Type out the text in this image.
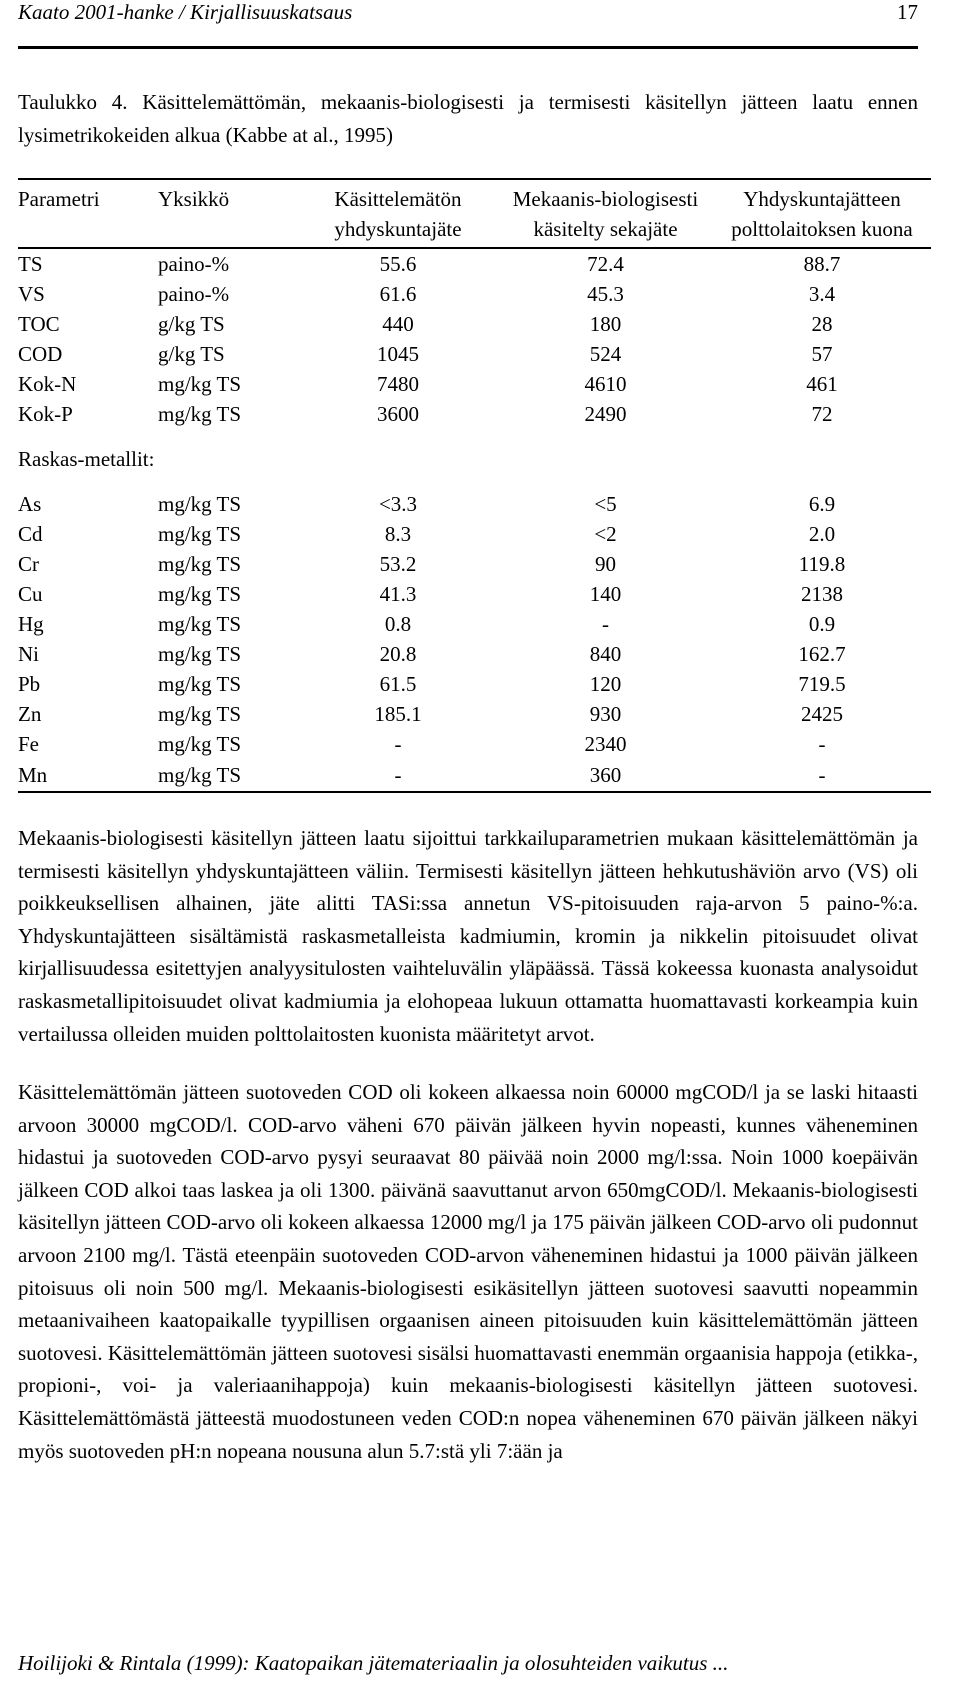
Kaato 2001-hanke / Kirjallisuuskatsaus	17

Taulukko 4. Käsittelemättömän, mekaanis-biologisesti ja termisesti käsitellyn jätteen laatu ennen lysimetrikokeiden alkua (Kabbe at al., 1995)

Parametri	Yksikkö	Käsittelemätön yhdyskuntajäte	Mekaanis-biologisesti käsitelty sekajäte	Yhdyskuntajätteen polttolaitoksen kuona
TS	paino-%	55.6	72.4	88.7
VS	paino-%	61.6	45.3	3.4
TOC	g/kg TS	440	180	28
COD	g/kg TS	1045	524	57
Kok-N	mg/kg TS	7480	4610	461
Kok-P	mg/kg TS	3600	2490	72
Raskas-metallit:				
As	mg/kg TS	<3.3	<5	6.9
Cd	mg/kg TS	8.3	<2	2.0
Cr	mg/kg TS	53.2	90	119.8
Cu	mg/kg TS	41.3	140	2138
Hg	mg/kg TS	0.8	-	0.9
Ni	mg/kg TS	20.8	840	162.7
Pb	mg/kg TS	61.5	120	719.5
Zn	mg/kg TS	185.1	930	2425
Fe	mg/kg TS	-	2340	-
Mn	mg/kg TS	-	360	-

Mekaanis-biologisesti käsitellyn jätteen laatu sijoittui tarkkailuparametrien mukaan käsittelemättömän ja termisesti käsitellyn yhdyskuntajätteen väliin. Termisesti käsitellyn jätteen hehkutushäviön arvo (VS) oli poikkeuksellisen alhainen, jäte alitti TASi:ssa annetun VS-pitoisuuden raja-arvon 5 paino-%:a. Yhdyskuntajätteen sisältämistä raskasmetalleista kadmiumin, kromin ja nikkelin pitoisuudet olivat kirjallisuudessa esitettyjen analyysitulosten vaihteluvälin yläpäässä. Tässä kokeessa kuonasta analysoidut raskasmetallipitoisuudet olivat kadmiumia ja elohopeaa lukuun ottamatta huomattavasti korkeampia kuin vertailussa olleiden muiden polttolaitosten kuonista määritetyt arvot.

Käsittelemättömän jätteen suotoveden COD oli kokeen alkaessa noin 60000 mgCOD/l ja se laski hitaasti arvoon 30000 mgCOD/l. COD-arvo väheni 670 päivän jälkeen hyvin nopeasti, kunnes väheneminen hidastui ja suotoveden COD-arvo pysyi seuraavat 80 päivää noin 2000 mg/l:ssa. Noin 1000 koepäivän jälkeen COD alkoi taas laskea ja oli 1300. päivänä saavuttanut arvon 650mgCOD/l. Mekaanis-biologisesti käsitellyn jätteen COD-arvo oli kokeen alkaessa 12000 mg/l ja 175 päivän jälkeen COD-arvo oli pudonnut arvoon 2100 mg/l. Tästä eteenpäin suotoveden COD-arvon väheneminen hidastui ja 1000 päivän jälkeen pitoisuus oli noin 500 mg/l. Mekaanis-biologisesti esikäsitellyn jätteen suotovesi saavutti nopeammin metaanivaiheen kaatopaikalle tyypillisen orgaanisen aineen pitoisuuden kuin käsittelemättömän jätteen suotovesi. Käsittelemättömän jätteen suotovesi sisälsi huomattavasti enemmän orgaanisia happoja (etikka-, propioni-, voi- ja valeriaanihappoja) kuin mekaanis-biologisesti käsitellyn jätteen suotovesi. Käsittelemättömästä jätteestä muodostuneen veden COD:n nopea väheneminen 670 päivän jälkeen näkyi myös suotoveden pH:n nopeana nousuna alun 5.7:stä yli 7:ään ja

Hoilijoki & Rintala (1999): Kaatopaikan jätemateriaalin ja olosuhteiden vaikutus ...
